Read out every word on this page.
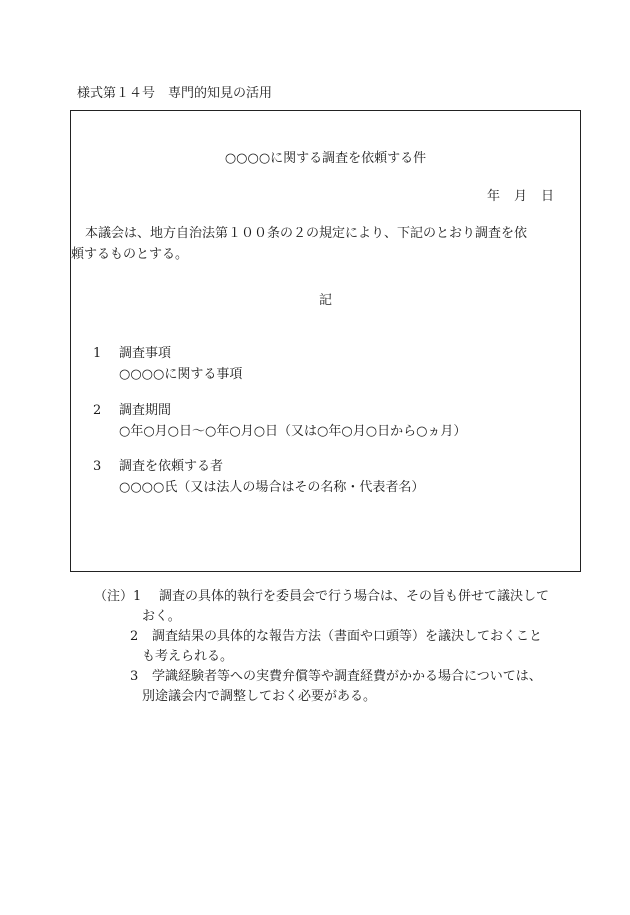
様式第１４号　専門的知見の活用
○○○○に関する調査を依頼する件
年 月 日

本議会は、地方自治法第１００条の２の規定により、下記のとおり調査を依

頼するものとする。

記
1 調査事項
○○○○に関する事項
2 調査期間
○年○月○日～○年○月○日（又は○年○月○日から○ヵ月）
3 調査を依頼する者
○○○○氏（又は法人の場合はその名称・代表者名）
（注）1 調査の具体的執行を委員会で行う場合は、その旨も併せて議決して
おく。
2 調査結果の具体的な報告方法（書面や口頭等）を議決しておくこと
も考えられる。
3 学識経験者等への実費弁償等や調査経費がかかる場合については、
別途議会内で調整しておく必要がある。
